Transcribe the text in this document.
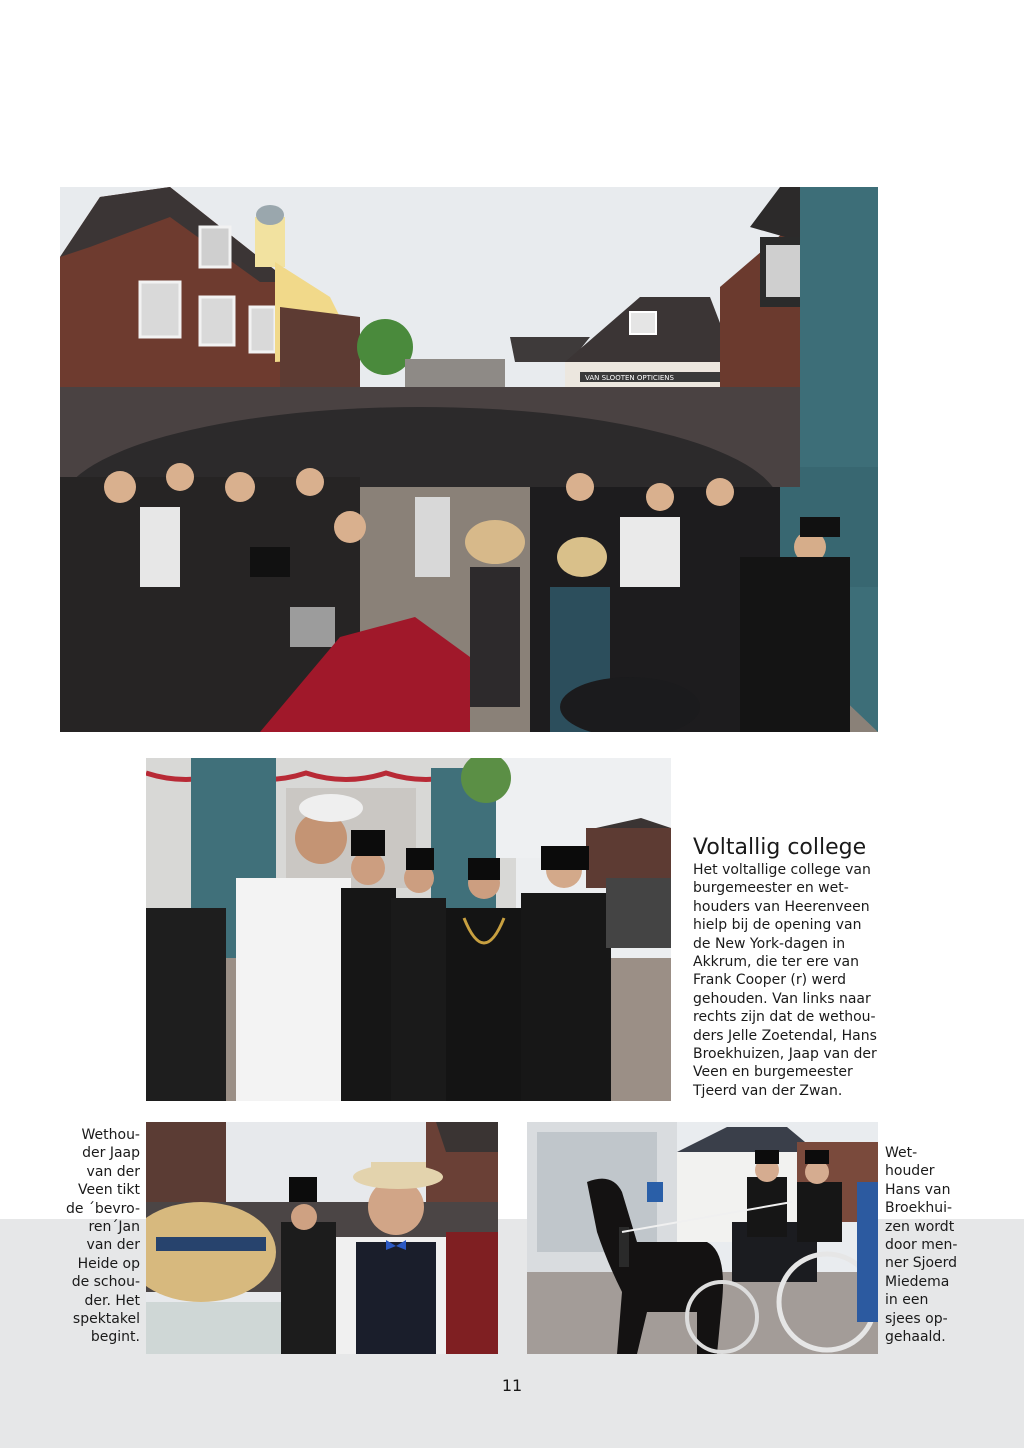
VAN SLOOTEN OPTICIENS
Voltallig college

Het voltallige college van burgemeester en wet-houders van Heerenveen hielp bij de opening van de New York-dagen in Akkrum, die ter ere van Frank Cooper (r) werd gehouden. Van links naar rechts zijn dat de wethou-ders Jelle Zoetendal, Hans Broekhuizen, Jaap van der Veen en burgemeester Tjeerd van der Zwan.

Wethou-der Jaap van der Veen tikt de ´bevro-ren´Jan van der Heide op de schou-der. Het spektakel begint.

Wet-houder Hans van Broekhui-zen wordt door men-ner Sjoerd Miedema in een sjees op-gehaald.

11
